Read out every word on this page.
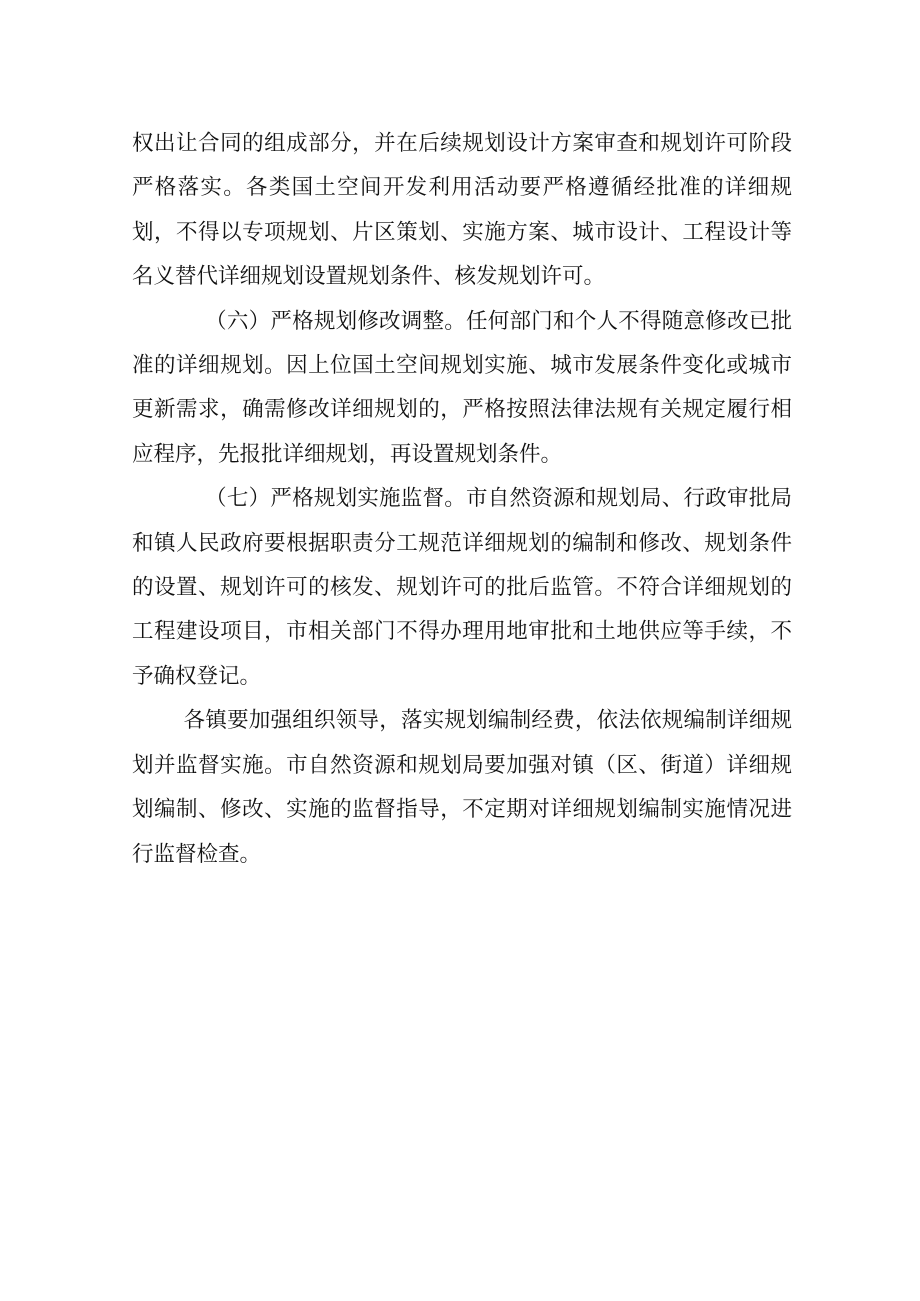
权出让合同的组成部分，并在后续规划设计方案审查和规划许可阶段严格落实。各类国土空间开发利用活动要严格遵循经批准的详细规划，不得以专项规划、片区策划、实施方案、城市设计、工程设计等名义替代详细规划设置规划条件、核发规划许可。

（六）严格规划修改调整。任何部门和个人不得随意修改已批准的详细规划。因上位国土空间规划实施、城市发展条件变化或城市更新需求，确需修改详细规划的，严格按照法律法规有关规定履行相应程序，先报批详细规划，再设置规划条件。

（七）严格规划实施监督。市自然资源和规划局、行政审批局和镇人民政府要根据职责分工规范详细规划的编制和修改、规划条件的设置、规划许可的核发、规划许可的批后监管。不符合详细规划的工程建设项目，市相关部门不得办理用地审批和土地供应等手续，不予确权登记。

各镇要加强组织领导，落实规划编制经费，依法依规编制详细规划并监督实施。市自然资源和规划局要加强对镇（区、街道）详细规划编制、修改、实施的监督指导，不定期对详细规划编制实施情况进行监督检查。
